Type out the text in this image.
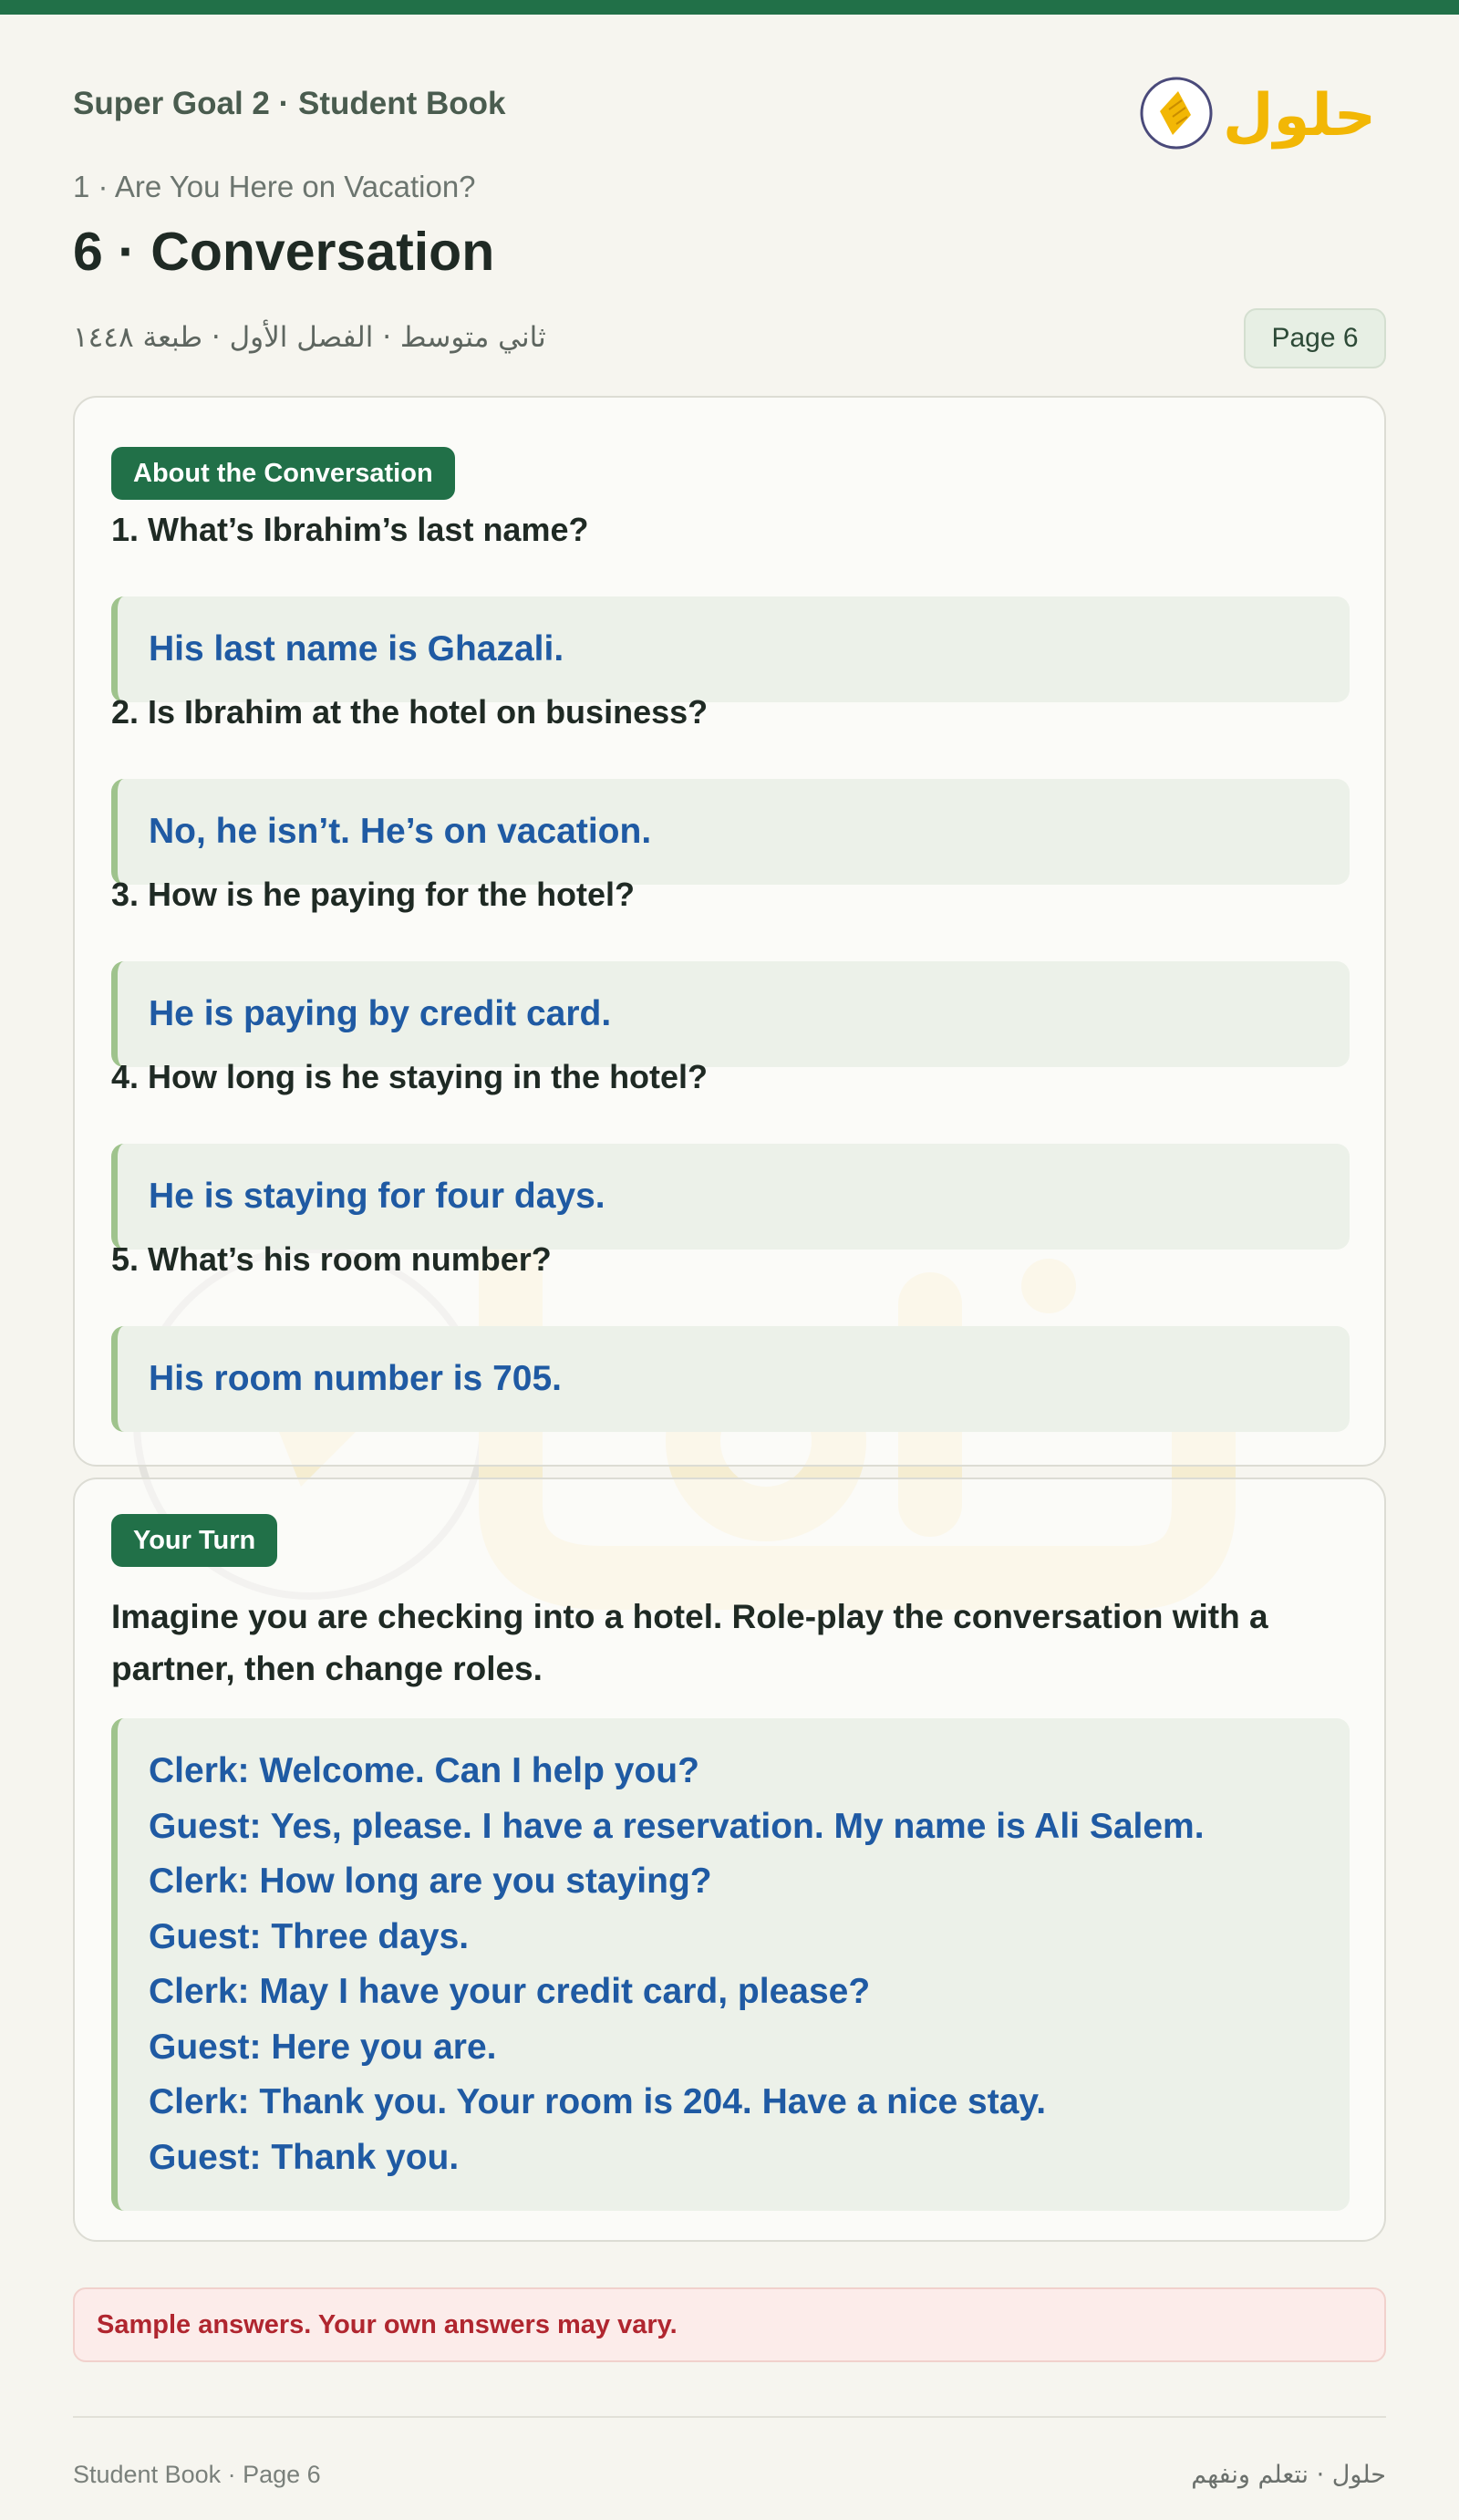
Super Goal 2 · Student Book	حلول
1 · Are You Here on Vacation?
6 · Conversation
ثاني متوسط · الفصل الأول · طبعة ١٤٤٨	Page 6
About the Conversation
1. What’s Ibrahim’s last name?
His last name is Ghazali.
2. Is Ibrahim at the hotel on business?
No, he isn’t. He’s on vacation.
3. How is he paying for the hotel?
He is paying by credit card.
4. How long is he staying in the hotel?
He is staying for four days.
5. What’s his room number?
His room number is 705.
Your Turn
Imagine you are checking into a hotel. Role-play the conversation with a partner, then change roles.
Clerk: Welcome. Can I help you?
Guest: Yes, please. I have a reservation. My name is Ali Salem.
Clerk: How long are you staying?
Guest: Three days.
Clerk: May I have your credit card, please?
Guest: Here you are.
Clerk: Thank you. Your room is 204. Have a nice stay.
Guest: Thank you.
Sample answers. Your own answers may vary.
Student Book · Page 6	حلول · نتعلم ونفهم
